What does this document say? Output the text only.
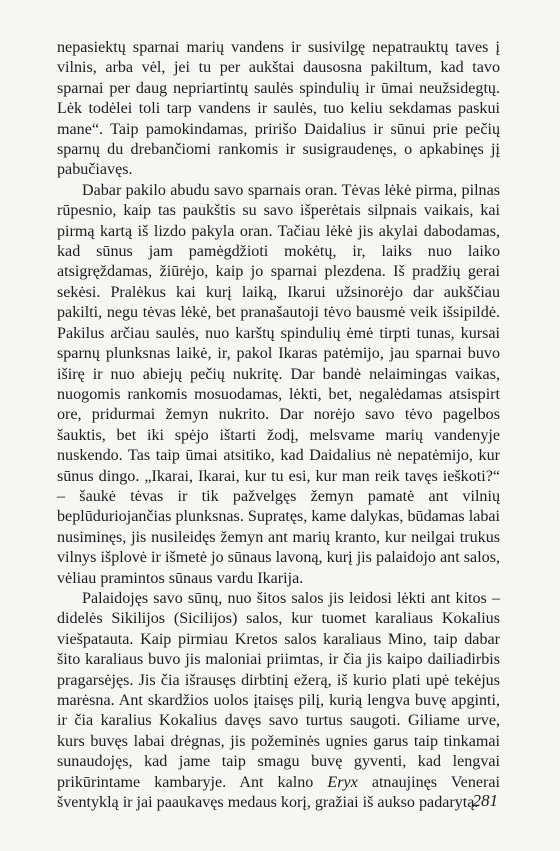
nepasiektų sparnai marių vandens ir susivilgę nepatrauktų taves į vilnis, arba vėl, jei tu per aukštai dausosna pakiltum, kad tavo sparnai per daug nepriartintų saulės spindulių ir ūmai neužsidegtų. Lėk todėlei toli tarp vandens ir saulės, tuo keliu sekdamas paskui mane“. Taip pamokindamas, pririšo Daidalius ir sūnui prie pečių sparnų du drebančiomi rankomis ir susigraudenęs, o apkabinęs jį pabučiavęs.

Dabar pakilo abudu savo sparnais oran. Tėvas lėkė pirma, pilnas rūpesnio, kaip tas paukštis su savo išperėtais silpnais vaikais, kai pirmą kartą iš lizdo pakyla oran. Tačiau lėkė jis akylai dabodamas, kad sūnus jam pamėgdžioti mokėtų, ir, laiks nuo laiko atsigręždamas, žiūrėjo, kaip jo sparnai plezdena. Iš pradžių gerai sekėsi. Pralėkus kai kurį laiką, Ikarui užsinorėjo dar aukščiau pakilti, negu tėvas lėkė, bet pranašautoji tėvo bausmė veik išsipildė. Pakilus arčiau saulės, nuo karštų spindulių ėmė tirpti tunas, kursai sparnų plunksnas laikė, ir, pakol Ikaras patėmijo, jau sparnai buvo iširę ir nuo abiejų pečių nukritę. Dar bandė nelaimingas vaikas, nuogomis rankomis mosuodamas, lėkti, bet, negalėdamas atsispirt ore, pridurmai žemyn nukrito. Dar norėjo savo tėvo pagelbos šauktis, bet iki spėjo ištarti žodį, melsvame marių vandenyje nuskendo. Tas taip ūmai atsitiko, kad Daidalius nė nepatėmijo, kur sūnus dingo. „Ikarai, Ikarai, kur tu esi, kur man reik tavęs ieškoti?“ – šaukė tėvas ir tik pažvelgęs žemyn pamatė ant vilnių beplūduriojančias plunksnas. Supratęs, kame dalykas, būdamas labai nusiminęs, jis nusileidęs žemyn ant marių kranto, kur neilgai trukus vilnys išplovė ir išmetė jo sūnaus lavoną, kurį jis palaidojo ant salos, vėliau pramintos sūnaus vardu Ikarija.

Palaidojęs savo sūnų, nuo šitos salos jis leidosi lėkti ant kitos – didelės Sikilijos (Sicilijos) salos, kur tuomet karaliaus Kokalius viešpatauta. Kaip pirmiau Kretos salos karaliaus Mino, taip dabar šito karaliaus buvo jis maloniai priimtas, ir čia jis kaipo dailiadirbis pragarsėjęs. Jis čia išrausęs dirbtinį ežerą, iš kurio plati upė tekėjus marėsna. Ant skardžios uolos įtaisęs pilį, kurią lengva buvę apginti, ir čia karalius Kokalius davęs savo turtus saugoti. Giliame urve, kurs buvęs labai drėgnas, jis požeminės ugnies garus taip tinkamai sunaudojęs, kad jame taip smagu buvę gyventi, kad lengvai prikūrintame kambaryje. Ant kalno Eryx atnaujinęs Venerai šventyklą ir jai paaukavęs medaus korį, gražiai iš aukso padarytą.

281
